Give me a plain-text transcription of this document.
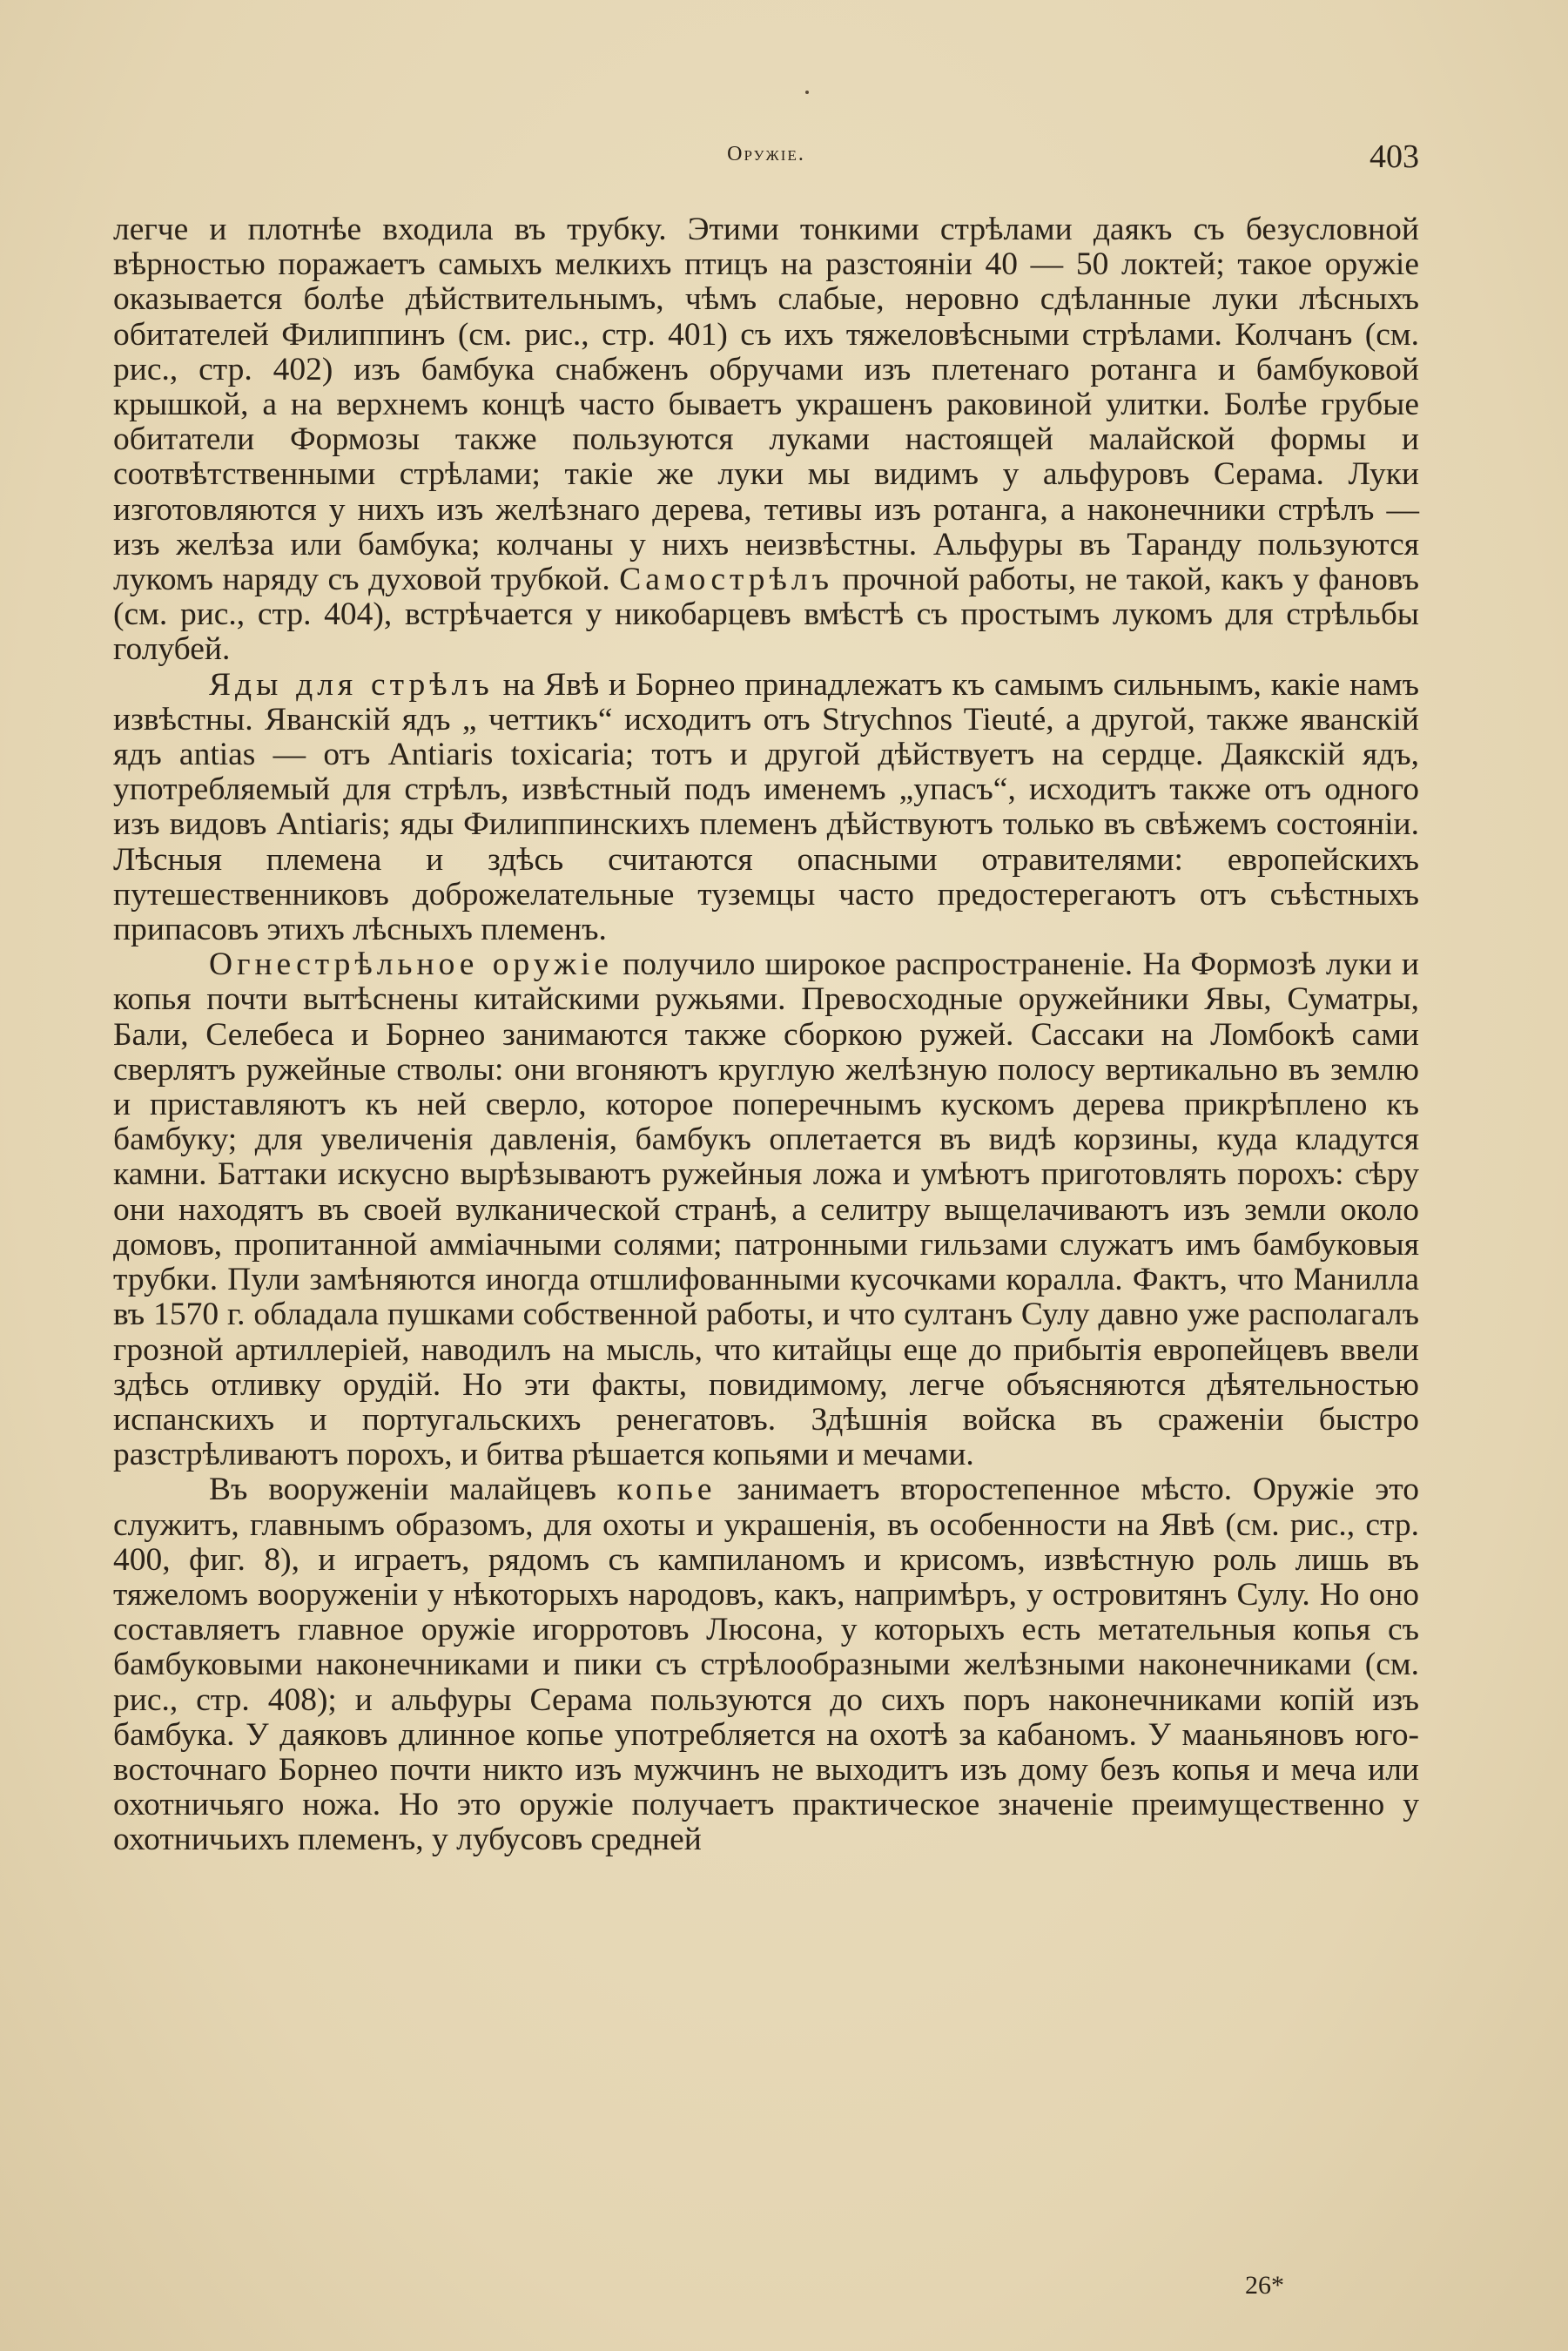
Оружіе.	403

легче и плотнѣе входила въ трубку. Этими тонкими стрѣлами даякъ съ безусловной вѣрностью поражаетъ самыхъ мелкихъ птицъ на разстояніи 40 — 50 локтей; такое оружіе оказывается болѣе дѣйствительнымъ, чѣмъ слабые, неровно сдѣланные луки лѣсныхъ обитателей Филиппинъ (см. рис., стр. 401) съ ихъ тяжеловѣсными стрѣлами. Колчанъ (см. рис., стр. 402) изъ бамбука снабженъ обручами изъ плетенаго ротанга и бамбуковой крышкой, а на верхнемъ концѣ часто бываетъ украшенъ раковиной улитки. Болѣе грубые обитатели Формозы также пользуются луками настоящей малайской формы и соотвѣтственными стрѣлами; такіе же луки мы видимъ у альфуровъ Серама. Луки изготовляются у нихъ изъ желѣзнаго дерева, тетивы изъ ротанга, а наконечники стрѣлъ — изъ желѣза или бамбука; колчаны у нихъ неизвѣстны. Альфуры въ Таранду пользуются лукомъ наряду съ духовой трубкой. Самострѣлъ прочной работы, не такой, какъ у фановъ (см. рис., стр. 404), встрѣчается у никобарцевъ вмѣстѣ съ простымъ лукомъ для стрѣльбы голубей.

Яды для стрѣлъ на Явѣ и Борнео принадлежатъ къ самымъ сильнымъ, какіе намъ извѣстны. Яванскій ядъ „ четтикъ“ исходитъ отъ Strychnos Tieuté, а другой, также яванскій ядъ antias — отъ Antiaris toxicaria; тотъ и другой дѣйствуетъ на сердце. Даякскій ядъ, употребляемый для стрѣлъ, извѣстный подъ именемъ „упасъ“, исходитъ также отъ одного изъ видовъ Antiaris; яды Филиппинскихъ племенъ дѣйствуютъ только въ свѣжемъ состояніи. Лѣсныя племена и здѣсь считаются опасными отравителями: европейскихъ путешественниковъ доброжелательные туземцы часто предостерегаютъ отъ съѣстныхъ припасовъ этихъ лѣсныхъ племенъ.

Огнестрѣльное оружіе получило широкое распространеніе. На Формозѣ луки и копья почти вытѣснены китайскими ружьями. Превосходные оружейники Явы, Суматры, Бали, Селебеса и Борнео занимаются также сборкою ружей. Сассаки на Ломбокѣ сами сверлятъ ружейные стволы: они вгоняютъ круглую желѣзную полосу вертикально въ землю и приставляютъ къ ней сверло, которое поперечнымъ кускомъ дерева прикрѣплено къ бамбуку; для увеличенія давленія, бамбукъ оплетается въ видѣ корзины, куда кладутся камни. Баттаки искусно вырѣзываютъ ружейныя ложа и умѣютъ приготовлять порохъ: сѣру они находятъ въ своей вулканической странѣ, а селитру выщелачиваютъ изъ земли около домовъ, пропитанной амміачными солями; патронными гильзами служатъ имъ бамбуковыя трубки. Пули замѣняются иногда отшлифованными кусочками коралла. Фактъ, что Манилла въ 1570 г. обладала пушками собственной работы, и что султанъ Сулу давно уже располагалъ грозной артиллеріей, наводилъ на мысль, что китайцы еще до прибытія европейцевъ ввели здѣсь отливку орудій. Но эти факты, повидимому, легче объясняются дѣятельностью испанскихъ и португальскихъ ренегатовъ. Здѣшнія войска въ сраженіи быстро разстрѣливаютъ порохъ, и битва рѣшается копьями и мечами.

Въ вооруженіи малайцевъ копье занимаетъ второстепенное мѣсто. Оружіе это служитъ, главнымъ образомъ, для охоты и украшенія, въ особенности на Явѣ (см. рис., стр. 400, фиг. 8), и играетъ, рядомъ съ кампиланомъ и крисомъ, извѣстную роль лишь въ тяжеломъ вооруженіи у нѣкоторыхъ народовъ, какъ, напримѣръ, у островитянъ Сулу. Но оно составляетъ главное оружіе игорротовъ Люсона, у которыхъ есть метательныя копья съ бамбуковыми наконечниками и пики съ стрѣлообразными желѣзными наконечниками (см. рис., стр. 408); и альфуры Серама пользуются до сихъ поръ наконечниками копій изъ бамбука. У даяковъ длинное копье употребляется на охотѣ за кабаномъ. У мааньяновъ юго-восточнаго Борнео почти никто изъ мужчинъ не выходитъ изъ дому безъ копья и меча или охотничьяго ножа. Но это оружіе получаетъ практическое значеніе преимущественно у охотничьихъ племенъ, у лубусовъ средней

26*
